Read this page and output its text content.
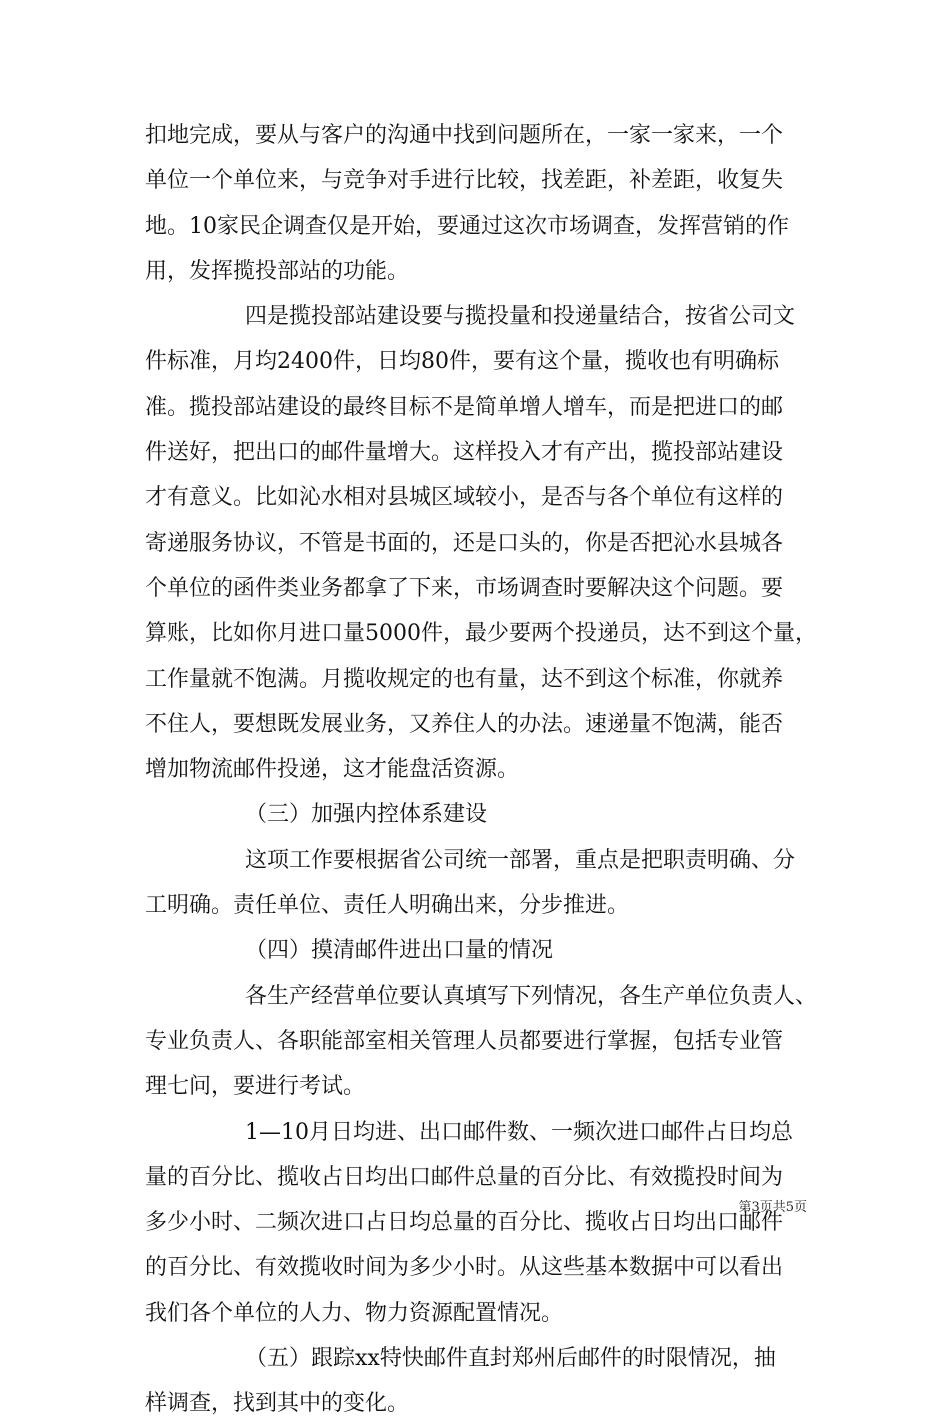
扣地完成，要从与客户的沟通中找到问题所在，一家一家来，一个
单位一个单位来，与竞争对手进行比较，找差距，补差距，收复失
地。10家民企调查仅是开始，要通过这次市场调查，发挥营销的作
用，发挥揽投部站的功能。
四是揽投部站建设要与揽投量和投递量结合，按省公司文
件标准，月均2400件，日均80件，要有这个量，揽收也有明确标
准。揽投部站建设的最终目标不是简单增人增车，而是把进口的邮
件送好，把出口的邮件量增大。这样投入才有产出，揽投部站建设
才有意义。比如沁水相对县城区域较小，是否与各个单位有这样的
寄递服务协议，不管是书面的，还是口头的，你是否把沁水县城各
个单位的函件类业务都拿了下来，市场调查时要解决这个问题。要
算账，比如你月进口量5000件，最少要两个投递员，达不到这个量，
工作量就不饱满。月揽收规定的也有量，达不到这个标准，你就养
不住人，要想既发展业务，又养住人的办法。速递量不饱满，能否
增加物流邮件投递，这才能盘活资源。
（三）加强内控体系建设
这项工作要根据省公司统一部署，重点是把职责明确、分
工明确。责任单位、责任人明确出来，分步推进。
（四）摸清邮件进出口量的情况
各生产经营单位要认真填写下列情况，各生产单位负责人、
专业负责人、各职能部室相关管理人员都要进行掌握，包括专业管
理七问，要进行考试。
1—10月日均进、出口邮件数、一频次进口邮件占日均总
量的百分比、揽收占日均出口邮件总量的百分比、有效揽投时间为
多少小时、二频次进口占日均总量的百分比、揽收占日均出口邮件
的百分比、有效揽收时间为多少小时。从这些基本数据中可以看出
我们各个单位的人力、物力资源配置情况。
（五）跟踪xx特快邮件直封郑州后邮件的时限情况，抽
样调查，找到其中的变化。
第3页共5页
